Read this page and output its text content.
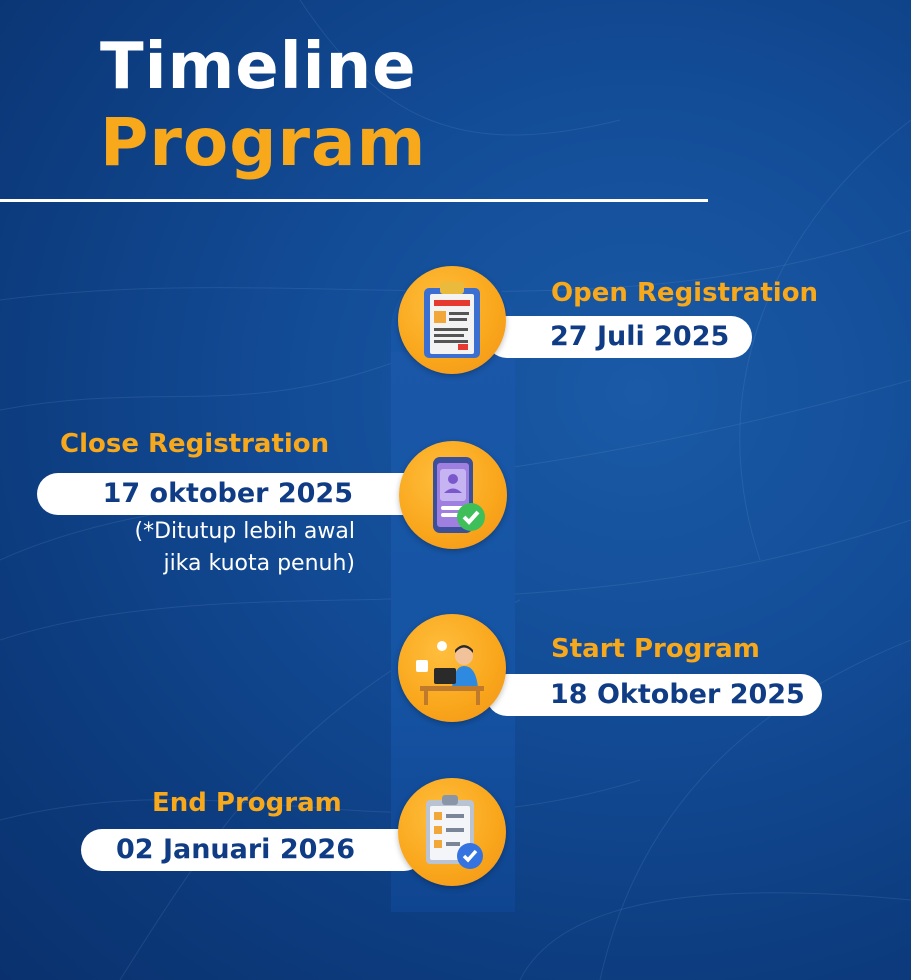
Timeline
Program
27 Juli 2025
Open Registration
17 oktober 2025
Close Registration
(*Ditutup lebih awal
jika kuota penuh)
18 Oktober 2025
Start Program
02 Januari 2026
End Program
